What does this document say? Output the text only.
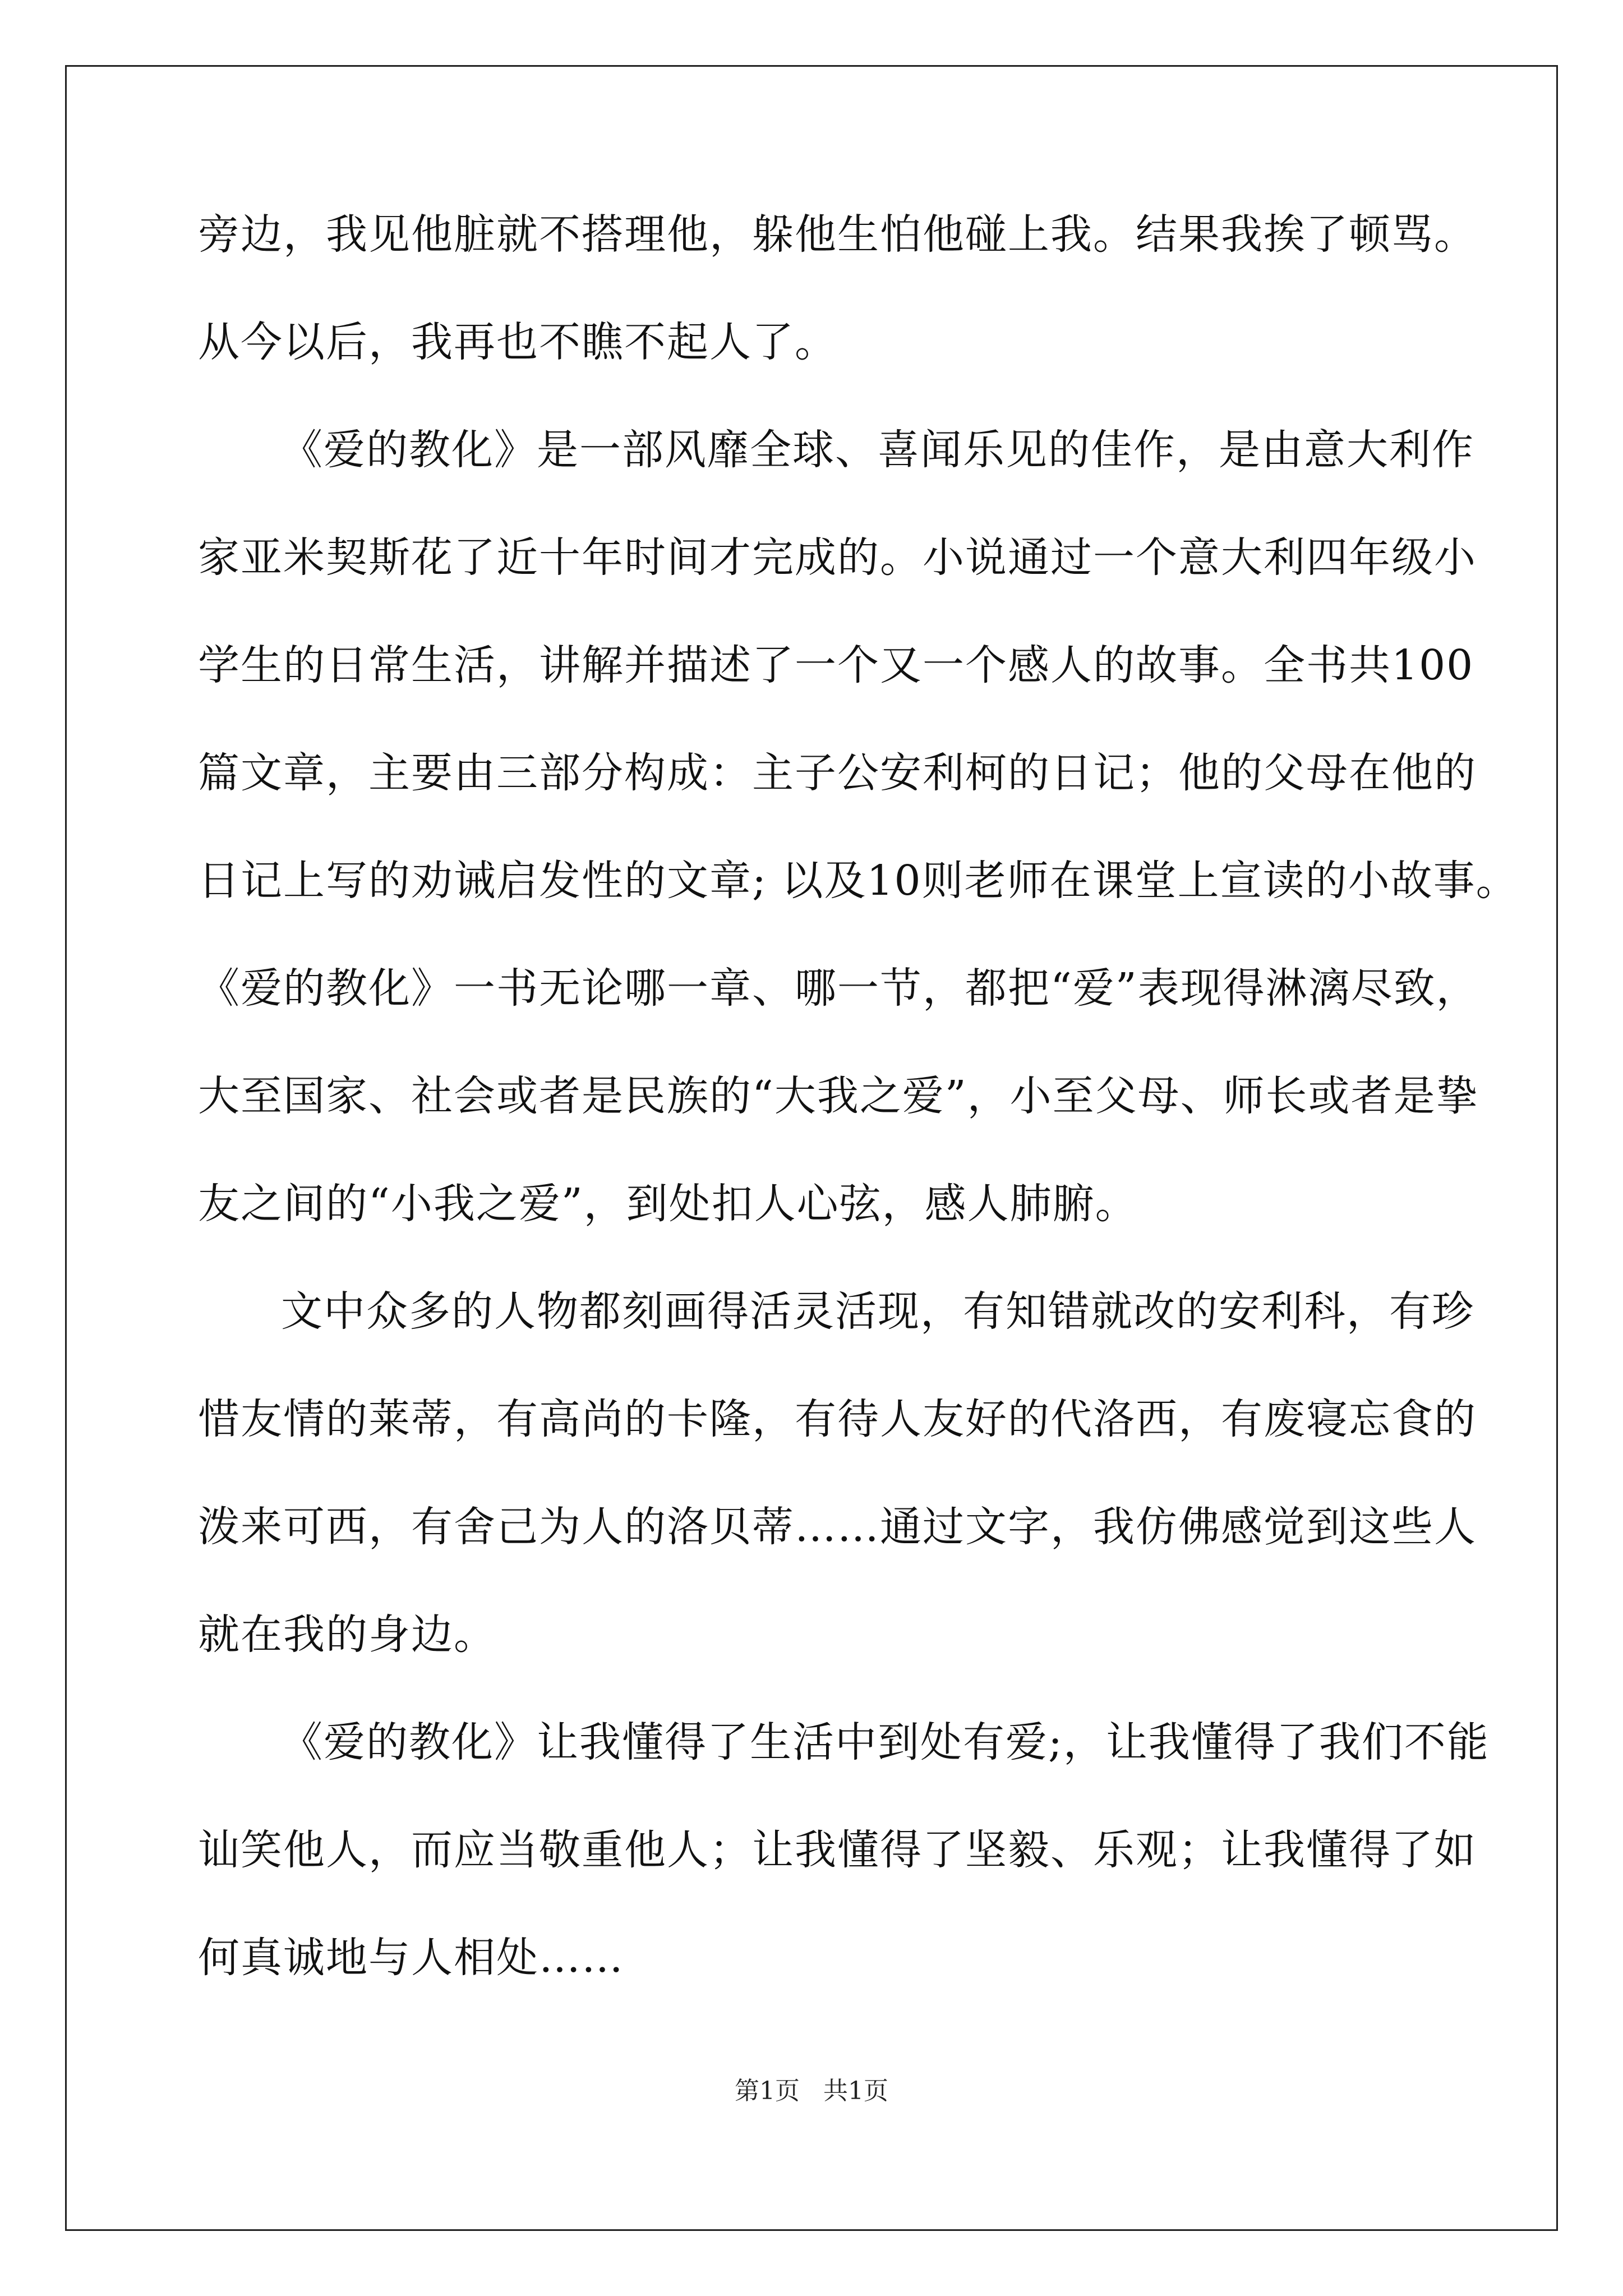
旁边，我见他脏就不搭理他，躲他生怕他碰上我。结果我挨了顿骂。
从今以后，我再也不瞧不起人了。
《爱的教化》是一部风靡全球、喜闻乐见的佳作，是由意大利作
家亚米契斯花了近十年时间才完成的。小说通过一个意大利四年级小
学生的日常生活，讲解并描述了一个又一个感人的故事。全书共100
篇文章，主要由三部分构成：主子公安利柯的日记；他的父母在他的
日记上写的劝诫启发性的文章; 以及10则老师在课堂上宣读的小故事。
《爱的教化》一书无论哪一章、哪一节，都把“爱”表现得淋漓尽致，
大至国家、社会或者是民族的“大我之爱”，小至父母、师长或者是挚
友之间的“小我之爱”，到处扣人心弦，感人肺腑。
文中众多的人物都刻画得活灵活现，有知错就改的安利科，有珍
惜友情的莱蒂，有高尚的卡隆，有待人友好的代洛西，有废寝忘食的
泼来可西，有舍己为人的洛贝蒂……通过文字，我仿佛感觉到这些人
就在我的身边。
《爱的教化》让我懂得了生活中到处有爱;，让我懂得了我们不能
讪笑他人，而应当敬重他人；让我懂得了坚毅、乐观；让我懂得了如
何真诚地与人相处……
第1页   共1页
